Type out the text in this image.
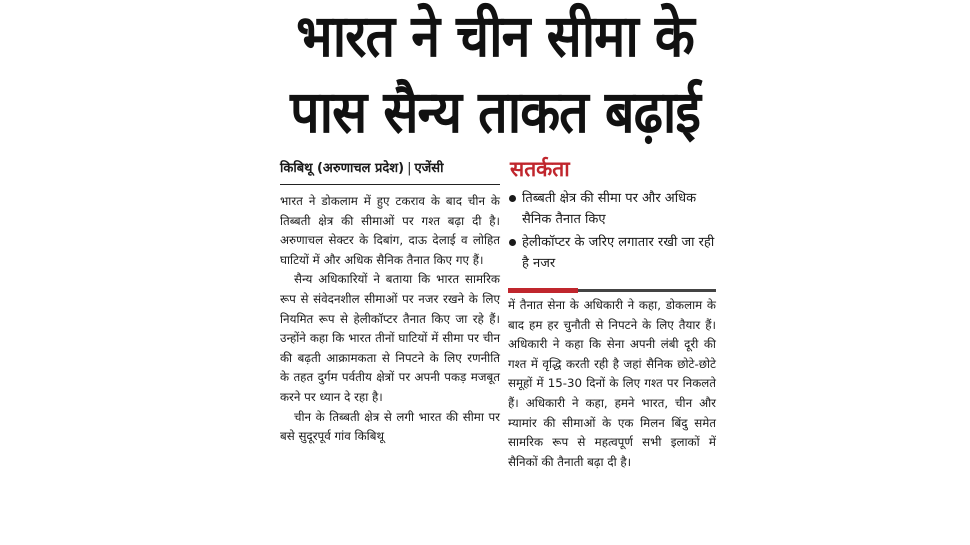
भारत ने चीन सीमा के
पास सैन्य ताकत बढ़ाई
किबिथू (अरुणाचल प्रदेश) | एजेंसी

भारत ने डोकलाम में हुए टकराव के बाद चीन के तिब्बती क्षेत्र की सीमाओं पर गश्त बढ़ा दी है। अरुणाचल सेक्टर के दिबांग, दाऊ देलाई व लोहित घाटियों में और अधिक सैनिक तैनात किए गए हैं।

सैन्य अधिकारियों ने बताया कि भारत सामरिक रूप से संवेदनशील सीमाओं पर नजर रखने के लिए नियमित रूप से हेलीकॉप्टर तैनात किए जा रहे हैं। उन्होंने कहा कि भारत तीनों घाटियों में सीमा पर चीन की बढ़ती आक्रामकता से निपटने के लिए रणनीति के तहत दुर्गम पर्वतीय क्षेत्रों पर अपनी पकड़ मजबूत करने पर ध्यान दे रहा है।

चीन के तिब्बती क्षेत्र से लगी भारत की सीमा पर बसे सुदूरपूर्व गांव किबिथू

सतर्कता
तिब्बती क्षेत्र की सीमा पर और अधिक सैनिक तैनात किए
हेलीकॉप्टर के जरिए लगातार रखी जा रही है नजर

में तैनात सेना के अधिकारी ने कहा, डोकलाम के बाद हम हर चुनौती से निपटने के लिए तैयार हैं। अधिकारी ने कहा कि सेना अपनी लंबी दूरी की गश्त में वृद्धि करती रही है जहां सैनिक छोटे-छोटे समूहों में 15-30 दिनों के लिए गश्त पर निकलते हैं। अधिकारी ने कहा, हमने भारत, चीन और म्यामांर की सीमाओं के एक मिलन बिंदु समेत सामरिक रूप से महत्वपूर्ण सभी इलाकों में सैनिकों की तैनाती बढ़ा दी है।
